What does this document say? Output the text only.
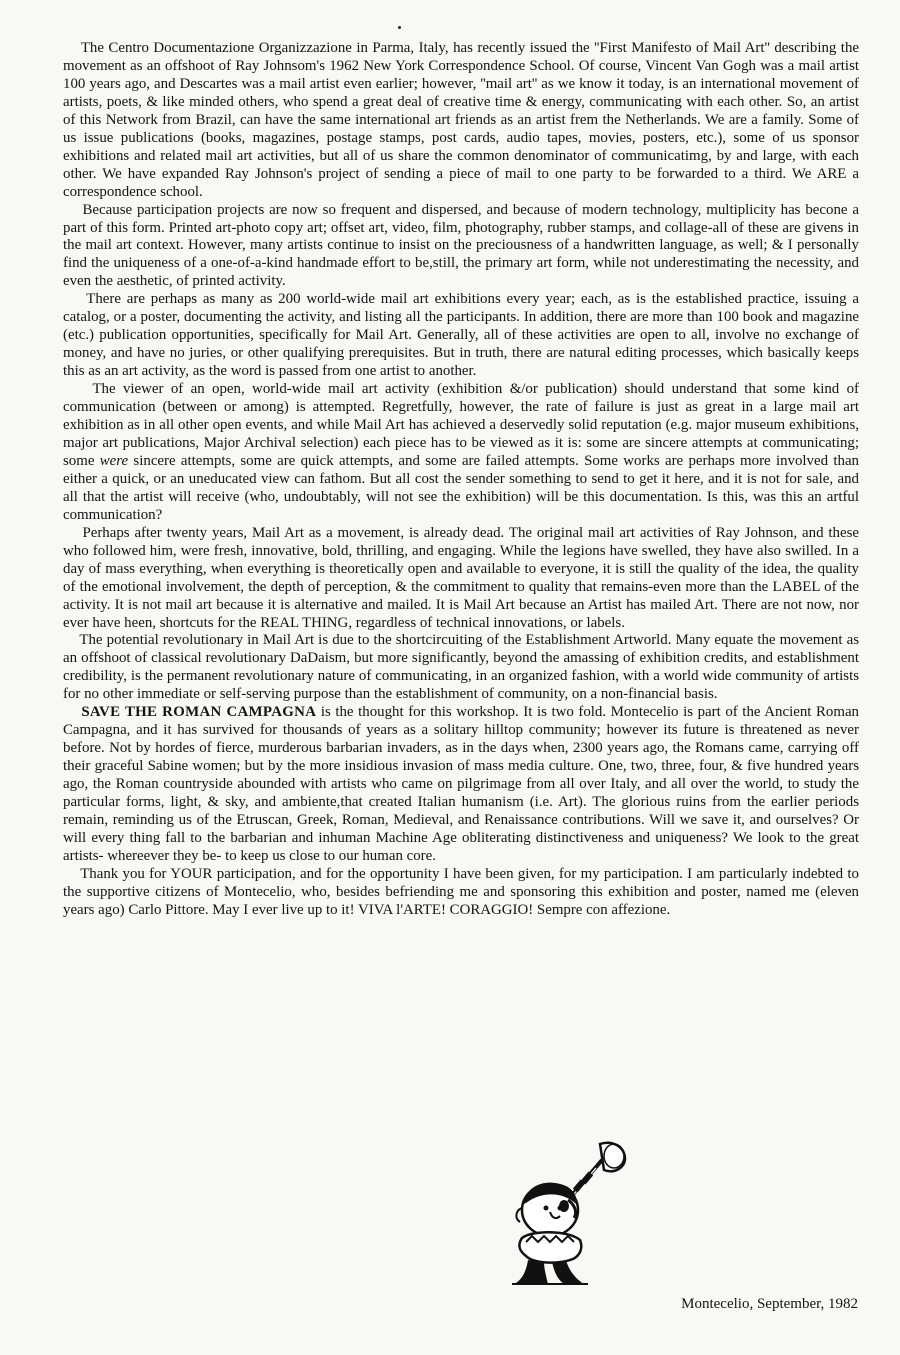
The Centro Documentazione Organizzazione in Parma, Italy, has recently issued the ''First Manifesto of Mail Art'' describing the movement as an offshoot of Ray Johnsom's 1962 New York Correspondence School. Of course, Vincent Van Gogh was a mail artist 100 years ago, and Descartes was a mail artist even earlier; however, ''mail art'' as we know it today, is an international movement of artists, poets, & like minded others, who spend a great deal of creative time & energy, communicating with each other. So, an artist of this Network from Brazil, can have the same international art friends as an artist frem the Netherlands. We are a family. Some of us issue publications (books, magazines, postage stamps, post cards, audio tapes, movies, posters, etc.), some of us sponsor exhibitions and related mail art activities, but all of us share the common denominator of communicatimg, by and large, with each other. We have expanded Ray Johnson's project of sending a piece of mail to one party to be forwarded to a third. We ARE a correspondence school.

Because participation projects are now so frequent and dispersed, and because of modern technology, multiplicity has becone a part of this form. Printed art-photo copy art; offset art, video, film, photography, rubber stamps, and collage-all of these are givens in the mail art context. However, many artists continue to insist on the preciousness of a handwritten language, as well; & I personally find the uniqueness of a one-of-a-kind handmade effort to be,still, the primary art form, while not underestimating the necessity, and even the aesthetic, of printed activity.

There are perhaps as many as 200 world-wide mail art exhibitions every year; each, as is the established practice, issuing a catalog, or a poster, documenting the activity, and listing all the participants. In addition, there are more than 100 book and magazine (etc.) publication opportunities, specifically for Mail Art. Generally, all of these activities are open to all, involve no exchange of money, and have no juries, or other qualifying prerequisites. But in truth, there are natural editing processes, which basically keeps this as an art activity, as the word is passed from one artist to another.

The viewer of an open, world-wide mail art activity (exhibition &/or publication) should understand that some kind of communication (between or among) is attempted. Regretfully, however, the rate of failure is just as great in a large mail art exhibition as in all other open events, and while Mail Art has achieved a deservedly solid reputation (e.g. major museum exhibitions, major art publications, Major Archival selection) each piece has to be viewed as it is: some are sincere attempts at communicating; some were sincere attempts, some are quick attempts, and some are failed attempts. Some works are perhaps more involved than either a quick, or an uneducated view can fathom. But all cost the sender something to send to get it here, and it is not for sale, and all that the artist will receive (who, undoubtably, will not see the exhibition) will be this documentation. Is this, was this an artful communication?

Perhaps after twenty years, Mail Art as a movement, is already dead. The original mail art activities of Ray Johnson, and these who followed him, were fresh, innovative, bold, thrilling, and engaging. While the legions have swelled, they have also swilled. In a day of mass everything, when everything is theoretically open and available to everyone, it is still the quality of the idea, the quality of the emotional involvement, the depth of perception, & the commitment to quality that remains-even more than the LABEL of the activity. It is not mail art because it is alternative and mailed. It is Mail Art because an Artist has mailed Art. There are not now, nor ever have heen, shortcuts for the REAL THING, regardless of technical innovations, or labels.

The potential revolutionary in Mail Art is due to the shortcircuiting of the Establishment Artworld. Many equate the movement as an offshoot of classical revolutionary DaDaism, but more significantly, beyond the amassing of exhibition credits, and establishment credibility, is the permanent revolutionary nature of communicating, in an organized fashion, with a world wide community of artists for no other immediate or self-serving purpose than the establishment of community, on a non-financial basis.

SAVE THE ROMAN CAMPAGNA is the thought for this workshop. It is two fold. Montecelio is part of the Ancient Roman Campagna, and it has survived for thousands of years as a solitary hilltop community; however its future is threatened as never before. Not by hordes of fierce, murderous barbarian invaders, as in the days when, 2300 years ago, the Romans came, carrying off their graceful Sabine women; but by the more insidious invasion of mass media culture. One, two, three, four, & five hundred years ago, the Roman countryside abounded with artists who came on pilgrimage from all over Italy, and all over the world, to study the particular forms, light, & sky, and ambiente,that created Italian humanism (i.e. Art). The glorious ruins from the earlier periods remain, reminding us of the Etruscan, Greek, Roman, Medieval, and Renaissance contributions. Will we save it, and ourselves? Or will every thing fall to the barbarian and inhuman Machine Age obliterating distinctiveness and uniqueness? We look to the great artists- whereever they be- to keep us close to our human core.

Thank you for YOUR participation, and for the opportunity I have been given, for my participation. I am particularly indebted to the supportive citizens of Montecelio, who, besides befriending me and sponsoring this exhibition and poster, named me (eleven years ago) Carlo Pittore. May I ever live up to it! VIVA l'ARTE! CORAGGIO! Sempre con affezione.

Montecelio, September, 1982
